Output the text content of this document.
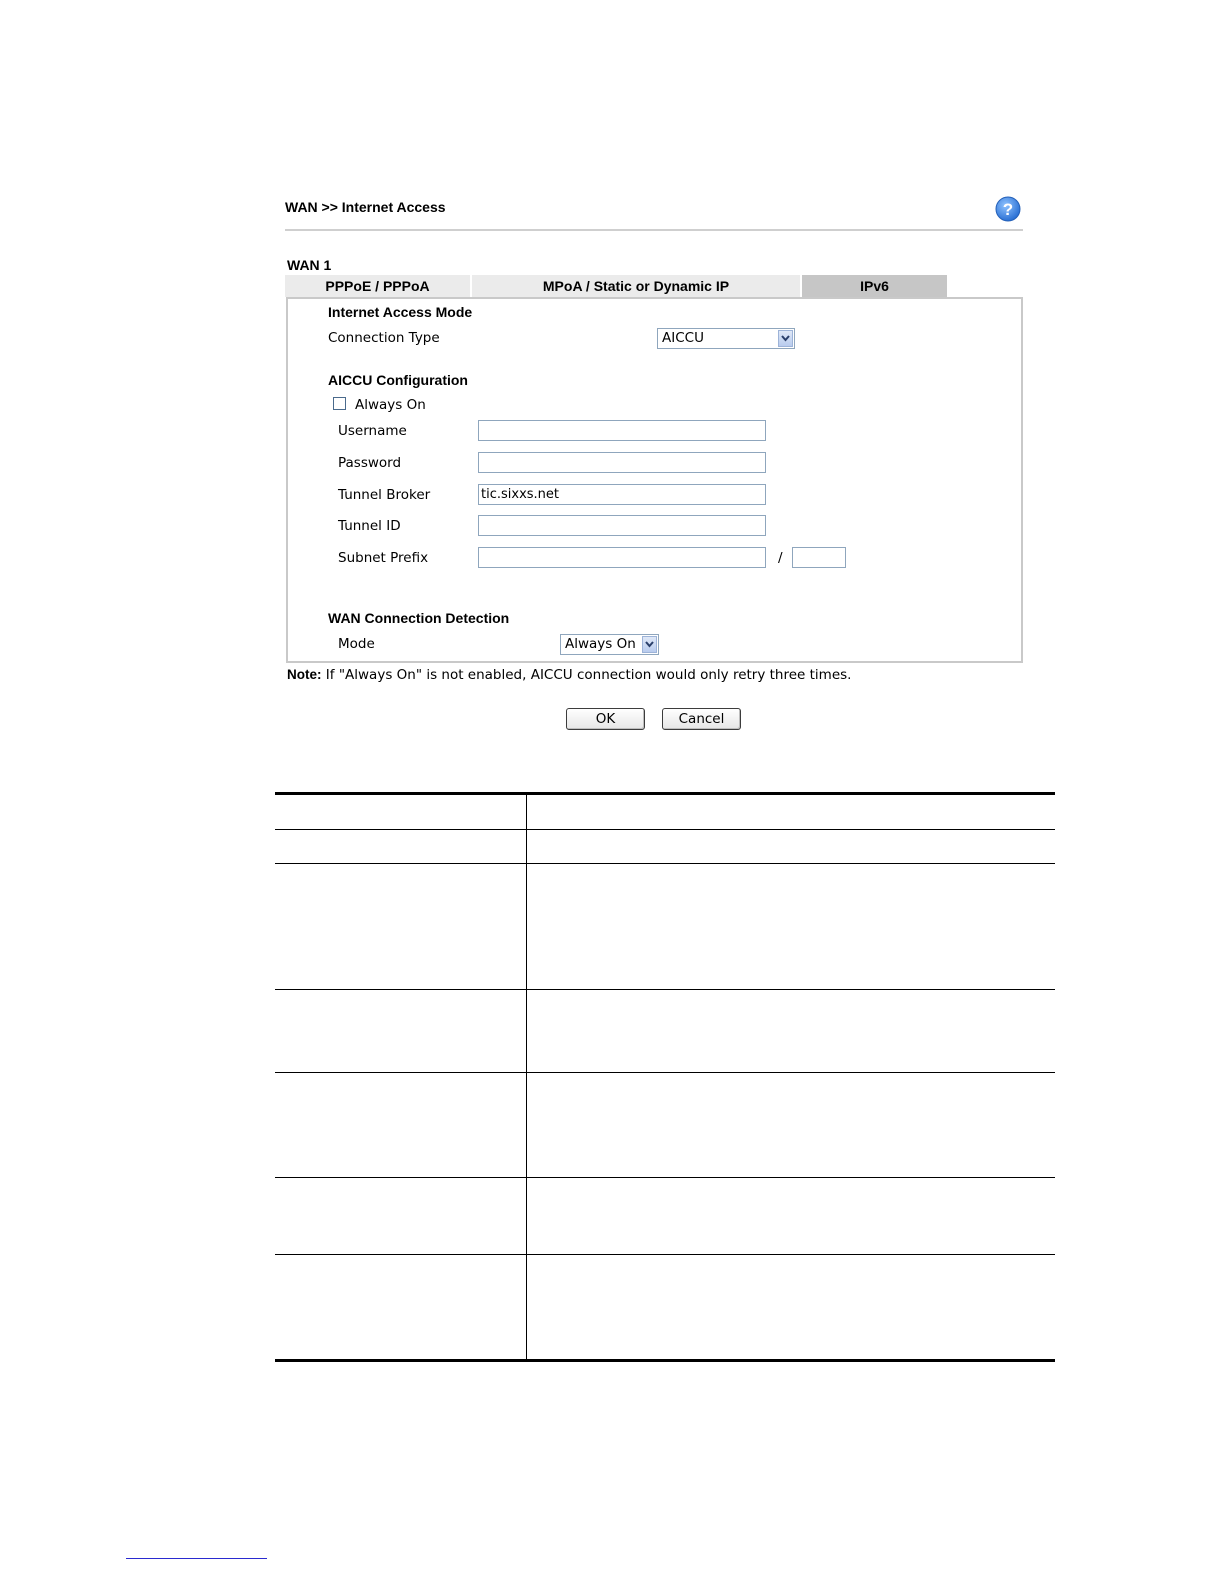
WAN >> Internet Access	?
WAN 1
PPPoE / PPPoA	MPoA / Static or Dynamic IP	IPv6
Internet Access Mode
Connection Type	AICCU
AICCU Configuration
Always On
Username
Password
Tunnel Broker	tic.sixxs.net
Tunnel ID
Subnet Prefix	/
WAN Connection Detection
Mode	Always On
Note: If "Always On" is not enabled, AICCU connection would only retry three times.
OK	Cancel
